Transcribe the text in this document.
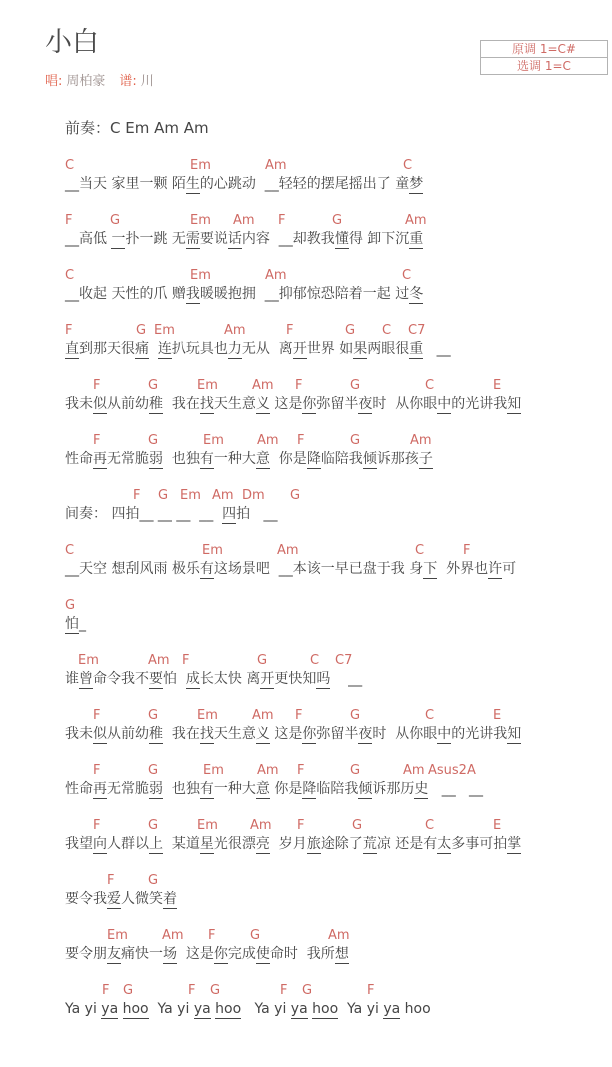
原调 1=C#
选调 1=C
小白
唱: 周柏豪 谱: 川
前奏：C Em Am Am
C	Em	Am	C
__当天 家里一颗 陌生的心跳动  __轻轻的摆尾摇出了 童梦
F	G	Em Am F	G	Am
__高低 一扑一跳 无需要说话内容  __却教我懂得 卸下沉重
C	Em	Am	C
__收起 天性的爪 赠我暖暖抱拥  __抑郁惊恐陪着一起 过冬
F	G Em	Am	F	G C C7
直到那天很痛 连扒玩具也力无从  离开世界 如果两眼很重   __
F	G	Em	Am F	G	C	E
我未似从前幼稚  我在找天生意义 这是你弥留半夜时  从你眼中的光讲我知
F	G	Em	Am F	G	Am
性命再无常脆弱  也独有一种大意  你是降临陪我倾诉那孩子
F G Em Am Dm G
间奏： 四拍__ __ __  __  四拍   __
C	Em	Am	C	F
__天空 想刮风雨 极乐有这场景吧  __本该一早已盘于我 身下  外界也许可
G
怕_
Em	Am F	G	C C7
谁曾命令我不要怕  成长太快 离开更快知吗    __
F	G	Em	Am F	G	C	E
我未似从前幼稚  我在找天生意义 这是你弥留半夜时  从你眼中的光讲我知
F	G	Em	Am F	G	Am Asus2 A
性命再无常脆弱  也独有一种大意 你是降临陪我倾诉那历史   __   __
F	G	Em Am F	G	C	E
我望向人群以上  某道星光很漂亮  岁月旅途除了荒凉 还是有太多事可拍掌
F	G
要令我爱人微笑着
Em	Am F	G	Am
要令朋友痛快一场  这是你完成使命时  我所想
F G	F G	F G	F
Ya yi ya hoo  Ya yi ya hoo   Ya yi ya hoo  Ya yi ya hoo
